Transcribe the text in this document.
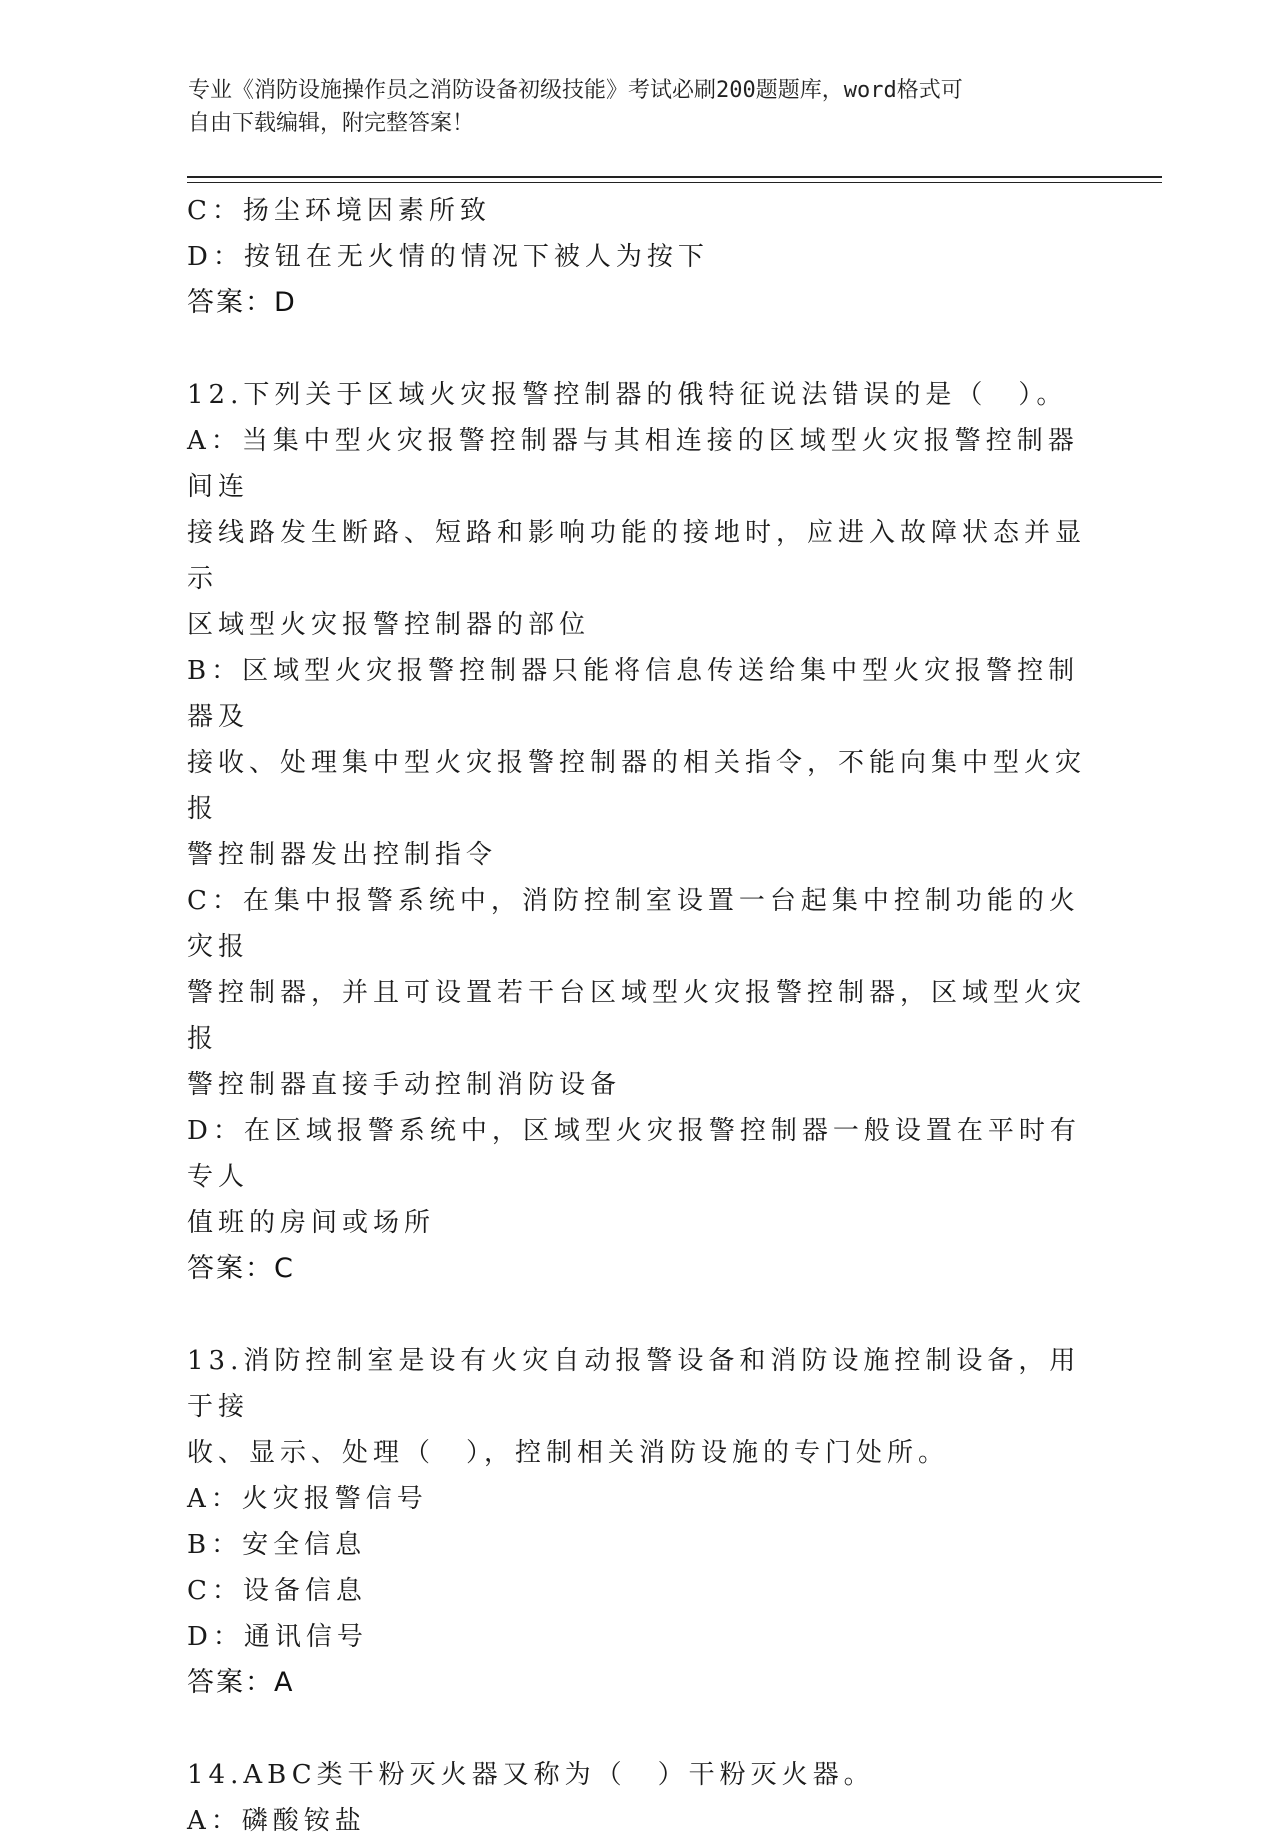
专业《消防设施操作员之消防设备初级技能》考试必刷200题题库，word格式可
自由下载编辑，附完整答案！

C：扬尘环境因素所致

D：按钮在无火情的情况下被人为按下

答案：D

12.下列关于区域火灾报警控制器的俄特征说法错误的是（　）。

A：当集中型火灾报警控制器与其相连接的区域型火灾报警控制器间连

接线路发生断路、短路和影响功能的接地时，应进入故障状态并显示

区域型火灾报警控制器的部位

B：区域型火灾报警控制器只能将信息传送给集中型火灾报警控制器及

接收、处理集中型火灾报警控制器的相关指令，不能向集中型火灾报

警控制器发出控制指令

C：在集中报警系统中，消防控制室设置一台起集中控制功能的火灾报

警控制器，并且可设置若干台区域型火灾报警控制器，区域型火灾报

警控制器直接手动控制消防设备

D：在区域报警系统中，区域型火灾报警控制器一般设置在平时有专人

值班的房间或场所

答案：C

13.消防控制室是设有火灾自动报警设备和消防设施控制设备，用于接

收、显示、处理（　），控制相关消防设施的专门处所。

A：火灾报警信号

B：安全信息

C：设备信息

D：通讯信号

答案：A

14.ABC类干粉灭火器又称为（　）干粉灭火器。

A：磷酸铵盐
